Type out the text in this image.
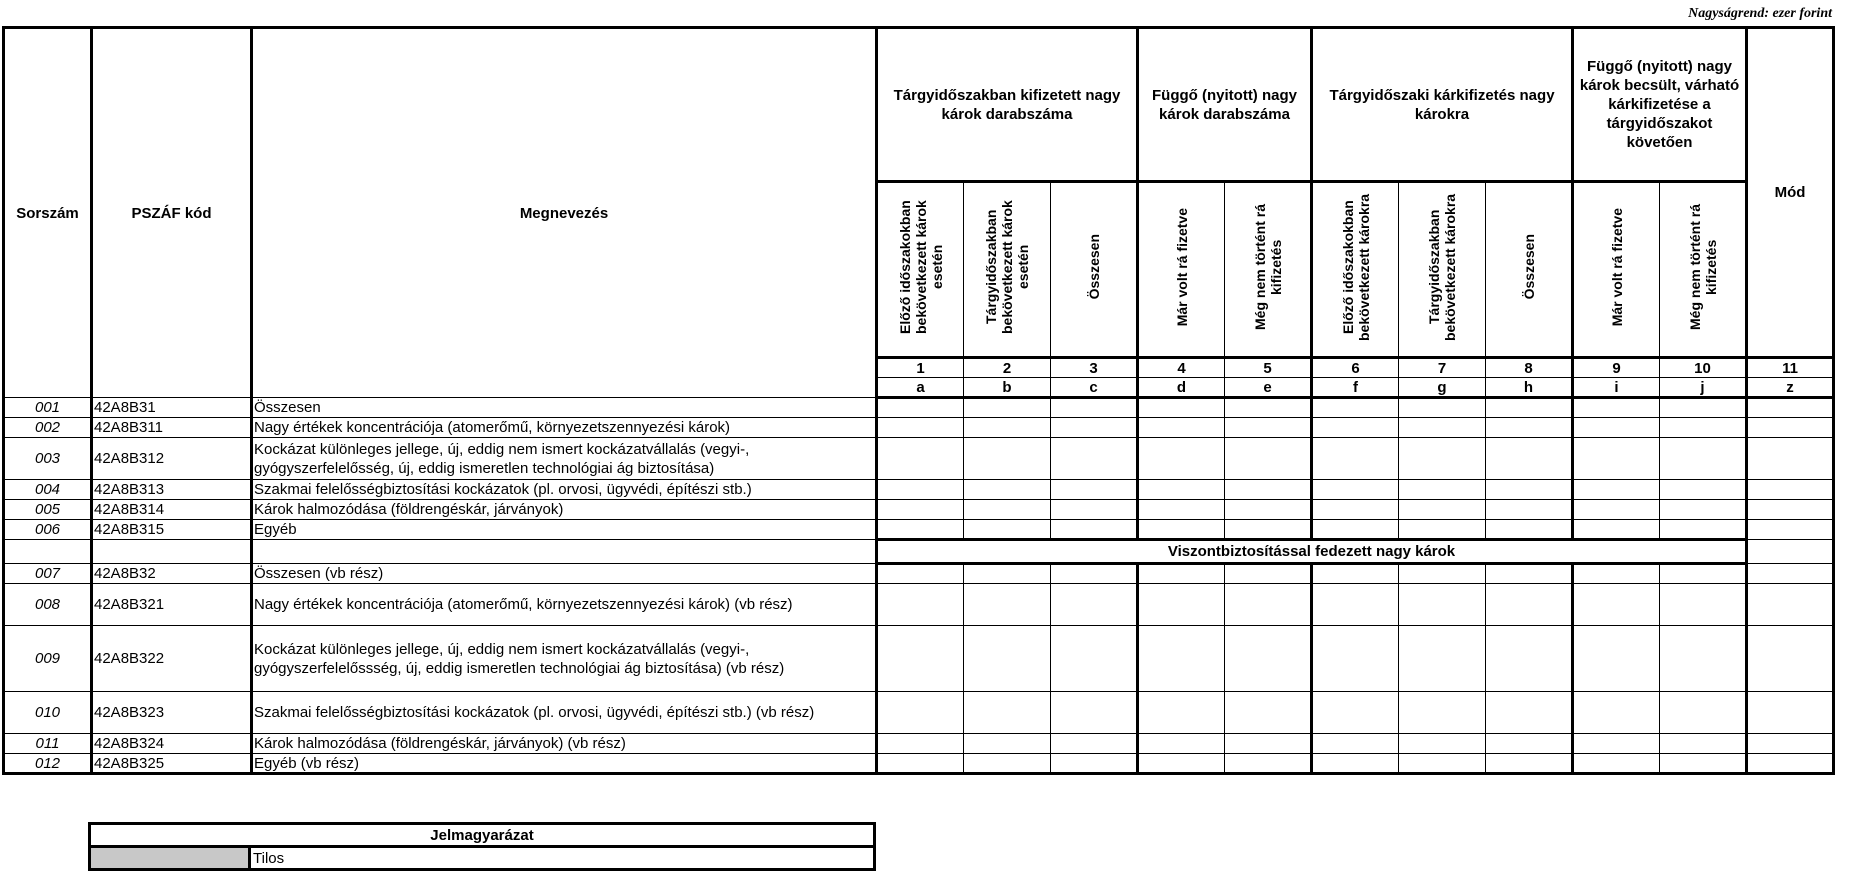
Nagyságrend: ezer forint
Sorszám	PSZÁF kód	Megnevezés	Tárgyidőszakban kifizetett nagy károk darabszáma			Függő (nyitott) nagy károk darabszáma		Tárgyidőszaki kárkifizetés nagy károkra			Függő (nyitott) nagy károk becsült, várható kárkifizetése a tárgyidőszakot követően		Mód
			Előző időszakokban bekövetkezett károk esetén	Tárgyidőszakban bekövetkezett károk esetén	Összesen	Már volt rá fizetve	Még nem történt rá kifizetés	Előző időszakokban bekövetkezett károkra	Tárgyidőszakban bekövetkezett károkra	Összesen	Már volt rá fizetve	Még nem történt rá kifizetés	
			1	2	3	4	5	6	7	8	9	10	11
			a	b	c	d	e	f	g	h	i	j	z
001	42A8B31	Összesen											
002	42A8B311	Nagy értékek koncentrációja (atomerőmű, környezetszennyezési károk)											
003	42A8B312	Kockázat különleges jellege, új, eddig nem ismert kockázatvállalás (vegyi-, gyógyszerfelelősség, új, eddig ismeretlen technológiai ág biztosítása)											
004	42A8B313	Szakmai felelősségbiztosítási kockázatok (pl. orvosi, ügyvédi, építészi stb.)											
005	42A8B314	Károk halmozódása (földrengéskár, járványok)											
006	42A8B315	Egyéb											
			Viszontbiztosítással fedezett nagy károk										
007	42A8B32	Összesen (vb rész)											
008	42A8B321	Nagy értékek koncentrációja (atomerőmű, környezetszennyezési károk) (vb rész)											
009	42A8B322	Kockázat különleges jellege, új, eddig nem ismert kockázatvállalás (vegyi-, gyógyszerfelelőssség, új, eddig ismeretlen technológiai ág biztosítása) (vb rész)											
010	42A8B323	Szakmai felelősségbiztosítási kockázatok (pl. orvosi, ügyvédi, építészi stb.) (vb rész)											
011	42A8B324	Károk halmozódása (földrengéskár, járványok) (vb rész)											
012	42A8B325	Egyéb (vb rész)											
Jelmagyarázat
	Tilos
